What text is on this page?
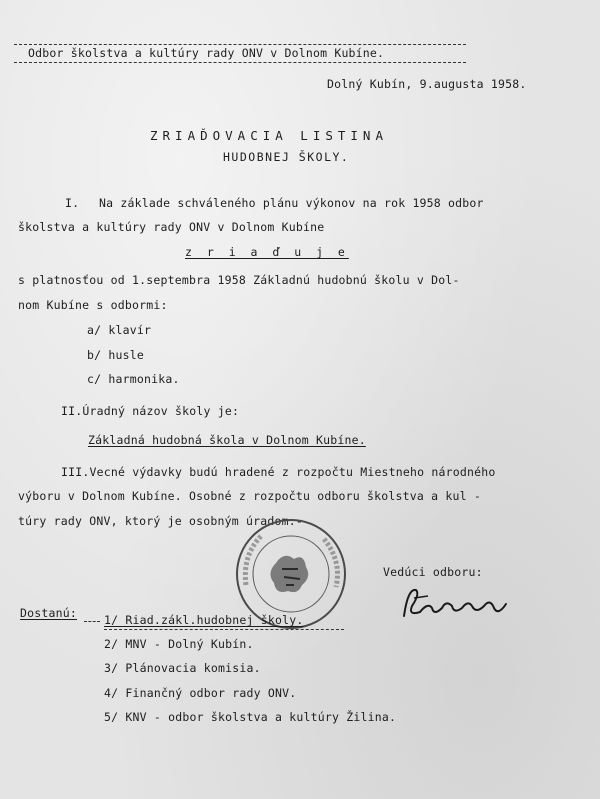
Odbor školstva a kultúry rady ONV v Dolnom Kubíne.
Dolný Kubín, 9.augusta 1958.
ZRIAĎOVACIA LISTINA
HUDOBNEJ ŠKOLY.
I. Na základe schváleného plánu výkonov na rok 1958 odbor
školstva a kultúry rady ONV v Dolnom Kubíne
z r i a ď u j e
s platnosťou od 1.septembra 1958 Základnú hudobnú školu v Dol-
nom Kubíne s odbormi:
a/ klavír
b/ husle
c/ harmonika.
II.Úradný názov školy je:
Základná hudobná škola v Dolnom Kubíne.
III.Vecné výdavky budú hradené z rozpočtu Miestneho národného
výboru v Dolnom Kubíne. Osobné z rozpočtu odboru školstva a kul -
túry rady ONV, ktorý je osobným úradom.-
Vedúci odboru:
Dostanú: 1/ Riad.zákl.hudobnej školy.
2/ MNV - Dolný Kubín.
3/ Plánovacia komisia.
4/ Finančný odbor rady ONV.
5/ KNV - odbor školstva a kultúry Žilina.
